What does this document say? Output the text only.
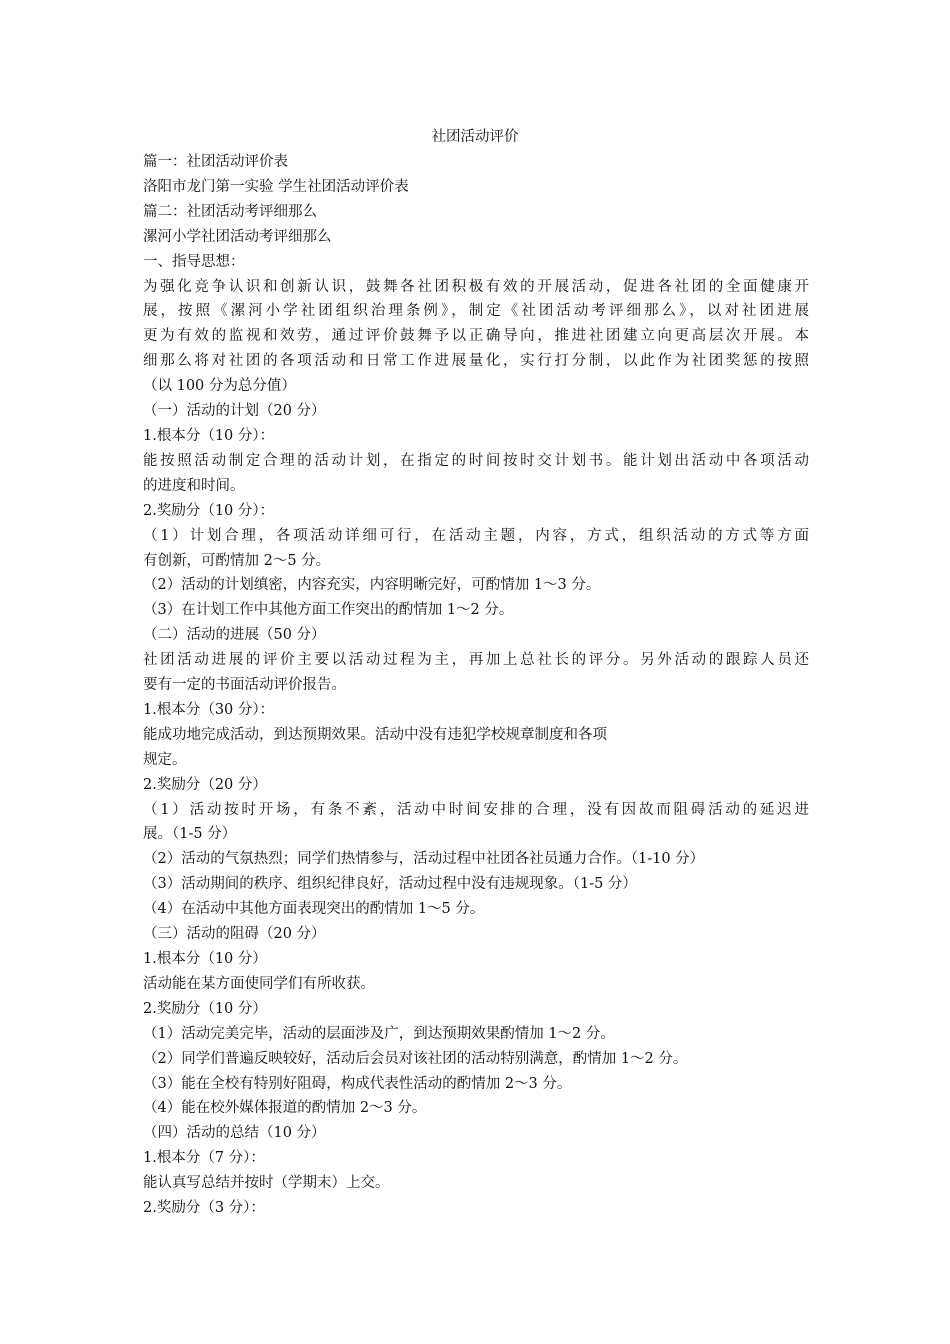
社团活动评价
篇一：社团活动评价表
洛阳市龙门第一实验 学生社团活动评价表
篇二：社团活动考评细那么
漯河小学社团活动考评细那么
一、指导思想：
为强化竞争认识和创新认识，鼓舞各社团积极有效的开展活动，促进各社团的全面健康开
展，按照《漯河小学社团组织治理条例》，制定《社团活动考评细那么》，以对社团进展
更为有效的监视和效劳，通过评价鼓舞予以正确导向，推进社团建立向更高层次开展。本
细那么将对社团的各项活动和日常工作进展量化，实行打分制，以此作为社团奖惩的按照
（以 100 分为总分值）
（一）活动的计划（20 分）
1.根本分（10 分）：
能按照活动制定合理的活动计划，在指定的时间按时交计划书。能计划出活动中各项活动
的进度和时间。
2.奖励分（10 分）：
（1）计划合理，各项活动详细可行，在活动主题，内容，方式，组织活动的方式等方面
有创新，可酌情加 2～5 分。
（2）活动的计划缜密，内容充实，内容明晰完好，可酌情加 1～3 分。
（3）在计划工作中其他方面工作突出的酌情加 1～2 分。
（二）活动的进展（50 分）
社团活动进展的评价主要以活动过程为主，再加上总社长的评分。另外活动的跟踪人员还
要有一定的书面活动评价报告。
1.根本分（30 分）：
能成功地完成活动，到达预期效果。活动中没有违犯学校规章制度和各项
规定。
2.奖励分（20 分）
（1）活动按时开场，有条不紊，活动中时间安排的合理，没有因故而阻碍活动的延迟进
展。（1-5 分）
（2）活动的气氛热烈；同学们热情参与，活动过程中社团各社员通力合作。（1-10 分）
（3）活动期间的秩序、组织纪律良好，活动过程中没有违规现象。（1-5 分）
（4）在活动中其他方面表现突出的酌情加 1～5 分。
（三）活动的阻碍（20 分）
1.根本分（10 分）
活动能在某方面使同学们有所收获。
2.奖励分（10 分）
（1）活动完美完毕，活动的层面涉及广，到达预期效果酌情加 1～2 分。
（2）同学们普遍反映较好，活动后会员对该社团的活动特别满意，酌情加 1～2 分。
（3）能在全校有特别好阻碍，构成代表性活动的酌情加 2～3 分。
（4）能在校外媒体报道的酌情加 2～3 分。
（四）活动的总结（10 分）
1.根本分（7 分）：
能认真写总结并按时（学期末）上交。
2.奖励分（3 分）：
